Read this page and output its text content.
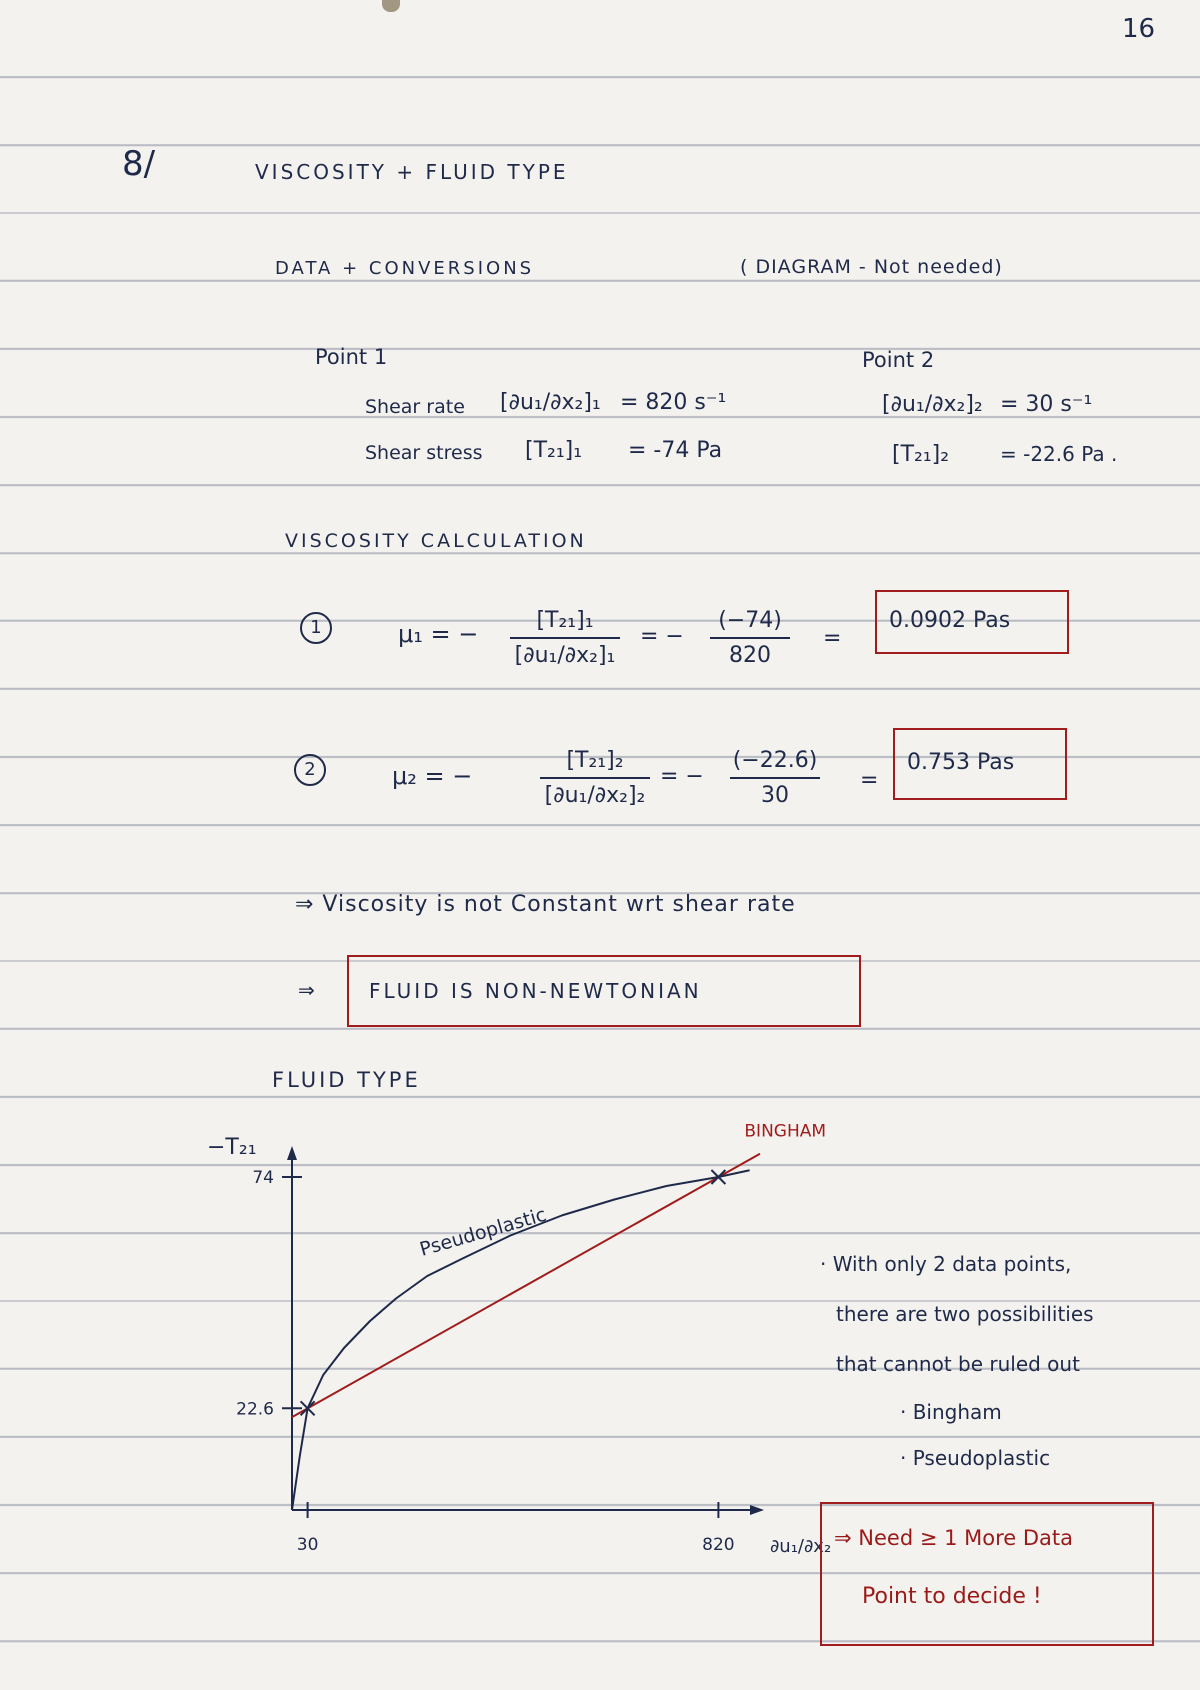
16
8/	VISCOSITY + FLUID TYPE
DATA + CONVERSIONS	( DIAGRAM - Not needed)
Point 1
Shear rate [∂u₁/∂x₂]₁ = 820 s⁻¹
Shear stress [T₂₁]₁ = -74 Pa
Point 2
[∂u₁/∂x₂]₂ = 30 s⁻¹
[T₂₁]₂	= -22.6 Pa .
VISCOSITY CALCULATION
1	μ₁ = −	[T₂₁]₁
[∂u₁/∂x₂]₁
= −
(−74)
820
=
0.0902 Pas
2	μ₂ = −
[T₂₁]₂
[∂u₁/∂x₂]₂
= −
(−22.6)
30
=
0.753 Pas
⇒ Viscosity is not Constant wrt shear rate
⇒	FLUID IS NON-NEWTONIAN
FLUID TYPE
30	820
22.6
74
−T₂₁
∂u₁/∂x₂
BINGHAM
Pseudoplastic
· With only 2 data points,
there are two possibilities
that cannot be ruled out
· Bingham
· Pseudoplastic
⇒ Need ≥ 1 More Data
Point to decide !
